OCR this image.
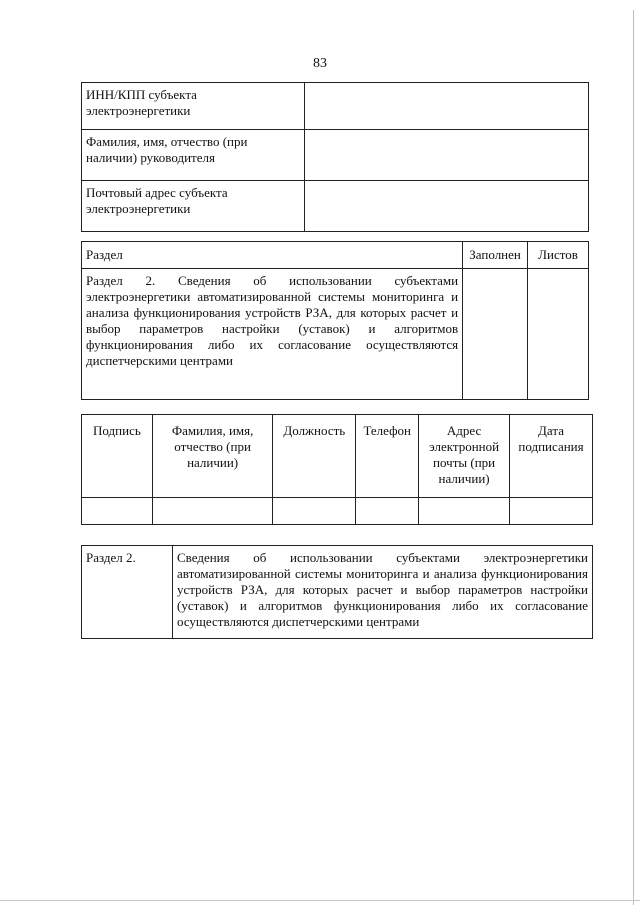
83
ИНН/КПП субъекта электроэнергетики	
Фамилия, имя, отчество (при наличии) руководителя	
Почтовый адрес субъекта электроэнергетики	
Раздел	Заполнен	Листов
Раздел 2. Сведения об использовании субъектами электроэнергетики автоматизированной системы мониторинга и анализа функционирования устройств РЗА, для которых расчет и выбор параметров настройки (уставок) и алгоритмов функционирования либо их согласование осуществляются диспетчерскими центрами		
Подпись	Фамилия, имя, отчество (при наличии)	Должность	Телефон	Адрес электронной почты (при наличии)	Дата подписания

Раздел 2.	Сведения об использовании субъектами электроэнергетики автоматизированной системы мониторинга и анализа функционирования устройств РЗА, для которых расчет и выбор параметров настройки (уставок) и алгоритмов функционирования либо их согласование осуществляются диспетчерскими центрами
